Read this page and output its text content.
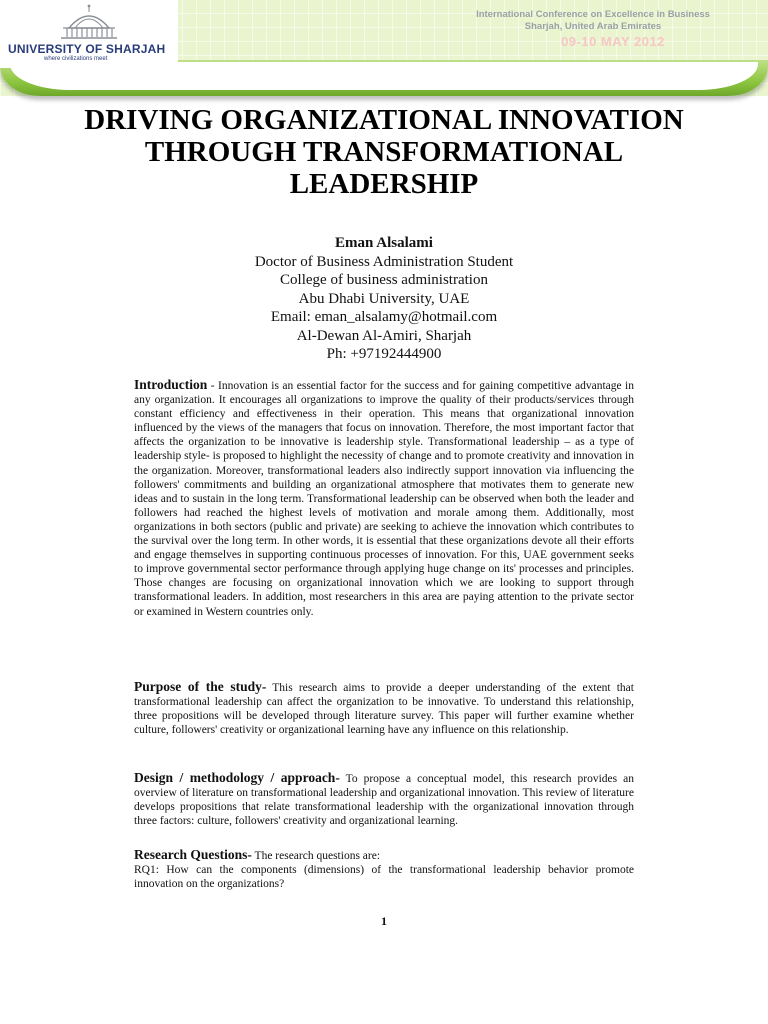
UNIVERSITY OF SHARJAH
where civilizations meet
International Conference on Excellence in Business
Sharjah, United Arab Emirates
09-10 MAY 2012
DRIVING ORGANIZATIONAL INNOVATION
THROUGH TRANSFORMATIONAL
LEADERSHIP
Eman Alsalami
Doctor of Business Administration Student
College of business administration
Abu Dhabi University, UAE
Email: eman_alsalamy@hotmail.com
Al-Dewan Al-Amiri, Sharjah
Ph: +97192444900
Introduction - Innovation is an essential factor for the success and for gaining competitive advantage in any organization. It encourages all organizations to improve the quality of their products/services through constant efficiency and effectiveness in their operation. This means that organizational innovation influenced by the views of the managers that focus on innovation. Therefore, the most important factor that affects the organization to be innovative is leadership style. Transformational leadership – as a type of leadership style- is proposed to highlight the necessity of change and to promote creativity and innovation in the organization. Moreover, transformational leaders also indirectly support innovation via influencing the followers' commitments and building an organizational atmosphere that motivates them to generate new ideas and to sustain in the long term. Transformational leadership can be observed when both the leader and followers had reached the highest levels of motivation and morale among them. Additionally, most organizations in both sectors (public and private) are seeking to achieve the innovation which contributes to the survival over the long term. In other words, it is essential that these organizations devote all their efforts and engage themselves in supporting continuous processes of innovation. For this, UAE government seeks to improve governmental sector performance through applying huge change on its' processes and principles. Those changes are focusing on organizational innovation which we are looking to support through transformational leaders. In addition, most researchers in this area are paying attention to the private sector or examined in Western countries only.
Purpose of the study- This research aims to provide a deeper understanding of the extent that transformational leadership can affect the organization to be innovative. To understand this relationship, three propositions will be developed through literature survey. This paper will further examine whether culture, followers' creativity or organizational learning have any influence on this relationship.
Design / methodology / approach- To propose a conceptual model, this research provides an overview of literature on transformational leadership and organizational innovation. This review of literature develops propositions that relate transformational leadership with the organizational innovation through three factors: culture, followers' creativity and organizational learning.
Research Questions- The research questions are:
RQ1: How can the components (dimensions) of the transformational leadership behavior promote innovation on the organizations?
1
